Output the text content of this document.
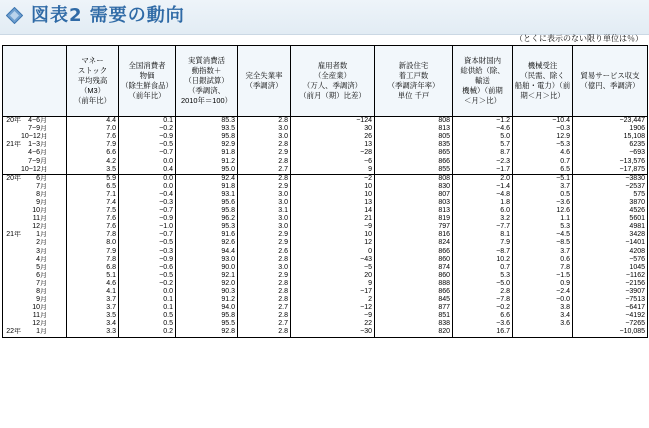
図表2 需要の動向
（とくに表示のない限り単位は％）
	マネー
ストック
平均残高
（M3）
（前年比）	全国消費者
物価
（除生鮮食品）
（前年比）	実質消費活
動指数＋
（日銀試算）
（季調済、
2010年＝100）	完全失業率
（季調済）	雇用者数
（全産業）
（万人、季調済）
（前月（期）比差）	新設住宅
着工戸数
（季調済年率）
単位 千戸	資本財国内
総供給（除、
輸送
機械）（前期
＜月＞比）	機械受注
（民需、除く
船舶・電力）（前
期＜月＞比）	貿易サービス収支
（億円、季調済）
20年 4−6月	4.4	0.1	85.3	2.8	−124	808	−1.2	−10.4	−23,447
7−9月	7.0	−0.2	93.5	3.0	30	813	−4.6	−0.3	1906
10−12月	7.6	−0.9	95.8	3.0	26	805	5.0	12.9	15,108
21年 1−3月	7.9	−0.5	92.9	2.8	13	835	5.7	−5.3	6235
4−6月	6.6	−0.7	91.8	2.9	−28	865	8.7	4.6	−693
7−9月	4.2	0.0	91.2	2.8	−6	866	−2.3	0.7	−13,576
10−12月	3.5	0.4	95.0	2.7	9	855	−1.7	6.5	−17,875
20年 6月	5.9	0.0	92.4	2.8	−2	808	2.0	−5.1	−3830
7月	6.5	0.0	91.8	2.9	10	830	−1.4	3.7	−2537
8月	7.1	−0.4	93.1	3.0	10	807	−4.8	0.5	575
9月	7.4	−0.3	95.6	3.0	13	803	1.8	−3.6	3870
10月	7.5	−0.7	95.8	3.1	14	813	6.0	12.6	4526
11月	7.6	−0.9	96.2	3.0	21	819	3.2	1.1	5601
12月	7.6	−1.0	95.3	3.0	−9	797	−7.7	5.3	4981
21年 1月	7.8	−0.7	91.6	2.9	10	816	8.1	−4.5	3428
2月	8.0	−0.5	92.6	2.9	12	824	7.9	−8.5	−1401
3月	7.9	−0.3	94.4	2.6	0	866	−8.7	3.7	4208
4月	7.8	−0.9	93.0	2.8	−43	860	10.2	0.6	−576
5月	6.8	−0.6	90.0	3.0	−5	874	0.7	7.8	1045
6月	5.1	−0.5	92.1	2.9	20	860	5.3	−1.5	−1162
7月	4.6	−0.2	92.0	2.8	9	888	−5.0	0.9	−2156
8月	4.1	0.0	90.3	2.8	−17	866	2.8	−2.4	−3907
9月	3.7	0.1	91.2	2.8	2	845	−7.8	−0.0	−7513
10月	3.7	0.1	94.0	2.7	−12	877	−0.2	3.8	−6417
11月	3.5	0.5	95.8	2.8	−9	851	6.6	3.4	−4192
12月	3.4	0.5	95.5	2.7	22	838	−3.6	3.6	−7265
22年 1月	3.3	0.2	92.8	2.8	−30	820	16.7		−10,085
